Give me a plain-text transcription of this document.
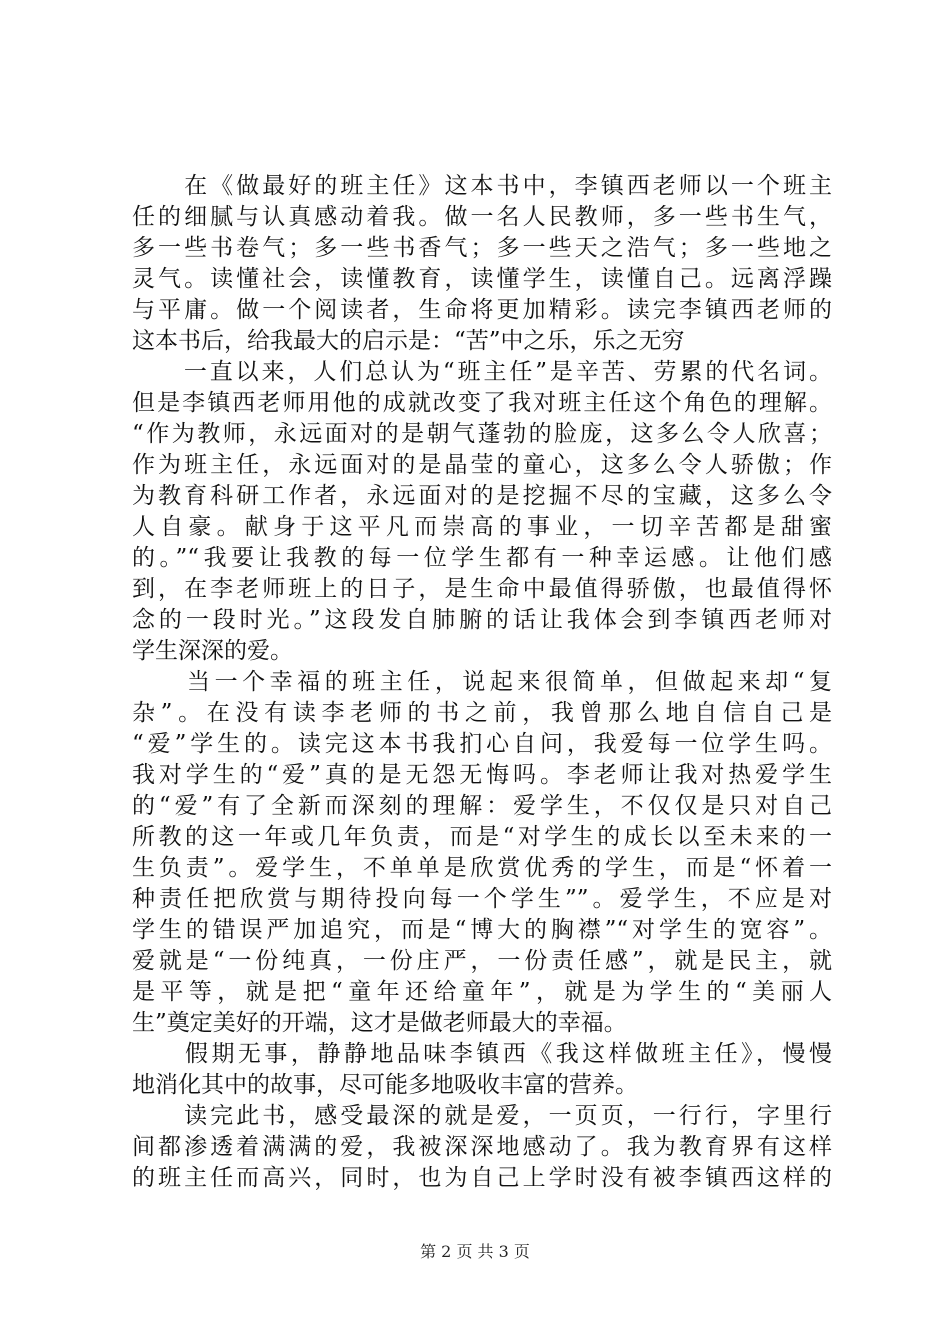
　　在《做最好的班主任》这本书中，李镇西老师以一个班主
任的细腻与认真感动着我。做一名人民教师，多一些书生气，
多一些书卷气；多一些书香气；多一些天之浩气；多一些地之
灵气。读懂社会，读懂教育，读懂学生，读懂自己。远离浮躁
与平庸。做一个阅读者，生命将更加精彩。读完李镇西老师的
这本书后，给我最大的启示是：“苦”中之乐，乐之无穷
　　一直以来，人们总认为“班主任”是辛苦、劳累的代名词。
但是李镇西老师用他的成就改变了我对班主任这个角色的理解。
“作为教师，永远面对的是朝气蓬勃的脸庞，这多么令人欣喜；
作为班主任，永远面对的是晶莹的童心，这多么令人骄傲；作
为教育科研工作者，永远面对的是挖掘不尽的宝藏，这多么令
人自豪。献身于这平凡而崇高的事业，一切辛苦都是甜蜜
的。”“我要让我教的每一位学生都有一种幸运感。让他们感
到，在李老师班上的日子，是生命中最值得骄傲，也最值得怀
念的一段时光。”这段发自肺腑的话让我体会到李镇西老师对
学生深深的爱。
　　当一个幸福的班主任，说起来很简单，但做起来却“复
杂”。在没有读李老师的书之前，我曾那么地自信自己是
“爱”学生的。读完这本书我扪心自问，我爱每一位学生吗。
我对学生的“爱”真的是无怨无悔吗。李老师让我对热爱学生
的“爱”有了全新而深刻的理解：爱学生，不仅仅是只对自己
所教的这一年或几年负责，而是“对学生的成长以至未来的一
生负责”。爱学生，不单单是欣赏优秀的学生，而是“怀着一
种责任把欣赏与期待投向每一个学生””。爱学生，不应是对
学生的错误严加追究，而是“博大的胸襟”“对学生的宽容”。
爱就是“一份纯真，一份庄严，一份责任感”，就是民主，就
是平等，就是把“童年还给童年”，就是为学生的“美丽人
生”奠定美好的开端，这才是做老师最大的幸福。
　　假期无事，静静地品味李镇西《我这样做班主任》，慢慢
地消化其中的故事，尽可能多地吸收丰富的营养。
　　读完此书，感受最深的就是爱，一页页，一行行，字里行
间都渗透着满满的爱，我被深深地感动了。我为教育界有这样
的班主任而高兴，同时，也为自己上学时没有被李镇西这样的
第 2 页 共 3 页
